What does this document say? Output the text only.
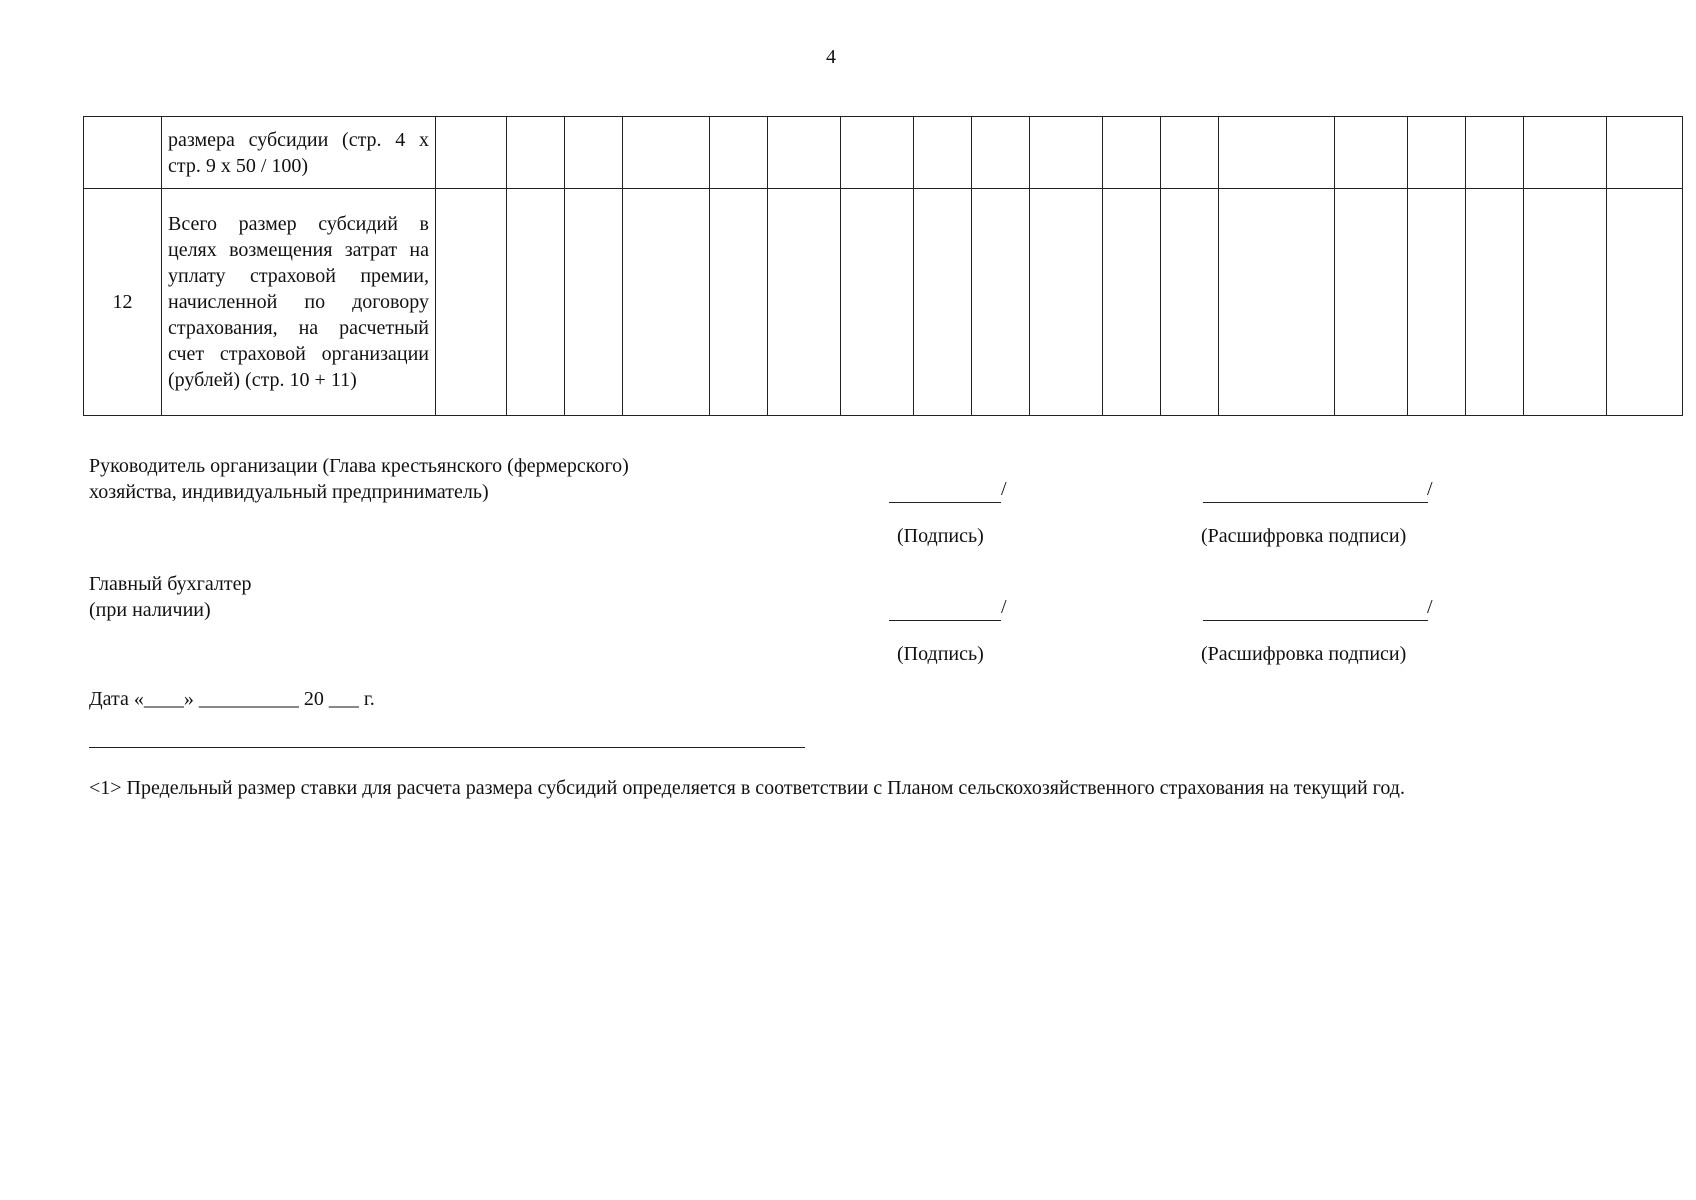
4
	размера субсидии (стр. 4 х стр. 9 х 50 / 100)																		
12	Всего размер субсидий в целях возмещения затрат на уплату страховой премии, начисленной по договору страхования, на расчетный счет страховой организации (рублей) (стр. 10 + 11)																		
Руководитель организации (Глава крестьянского (фермерского)
хозяйства, индивидуальный предприниматель)	/	/
(Подпись)	(Расшифровка подписи)
Главный бухгалтер
(при наличии)	/	/
(Подпись)	(Расшифровка подписи)
Дата «____» __________ 20 ___ г.
<1> Предельный размер ставки для расчета размера субсидий определяется в соответствии с Планом сельскохозяйственного страхования на текущий год.
